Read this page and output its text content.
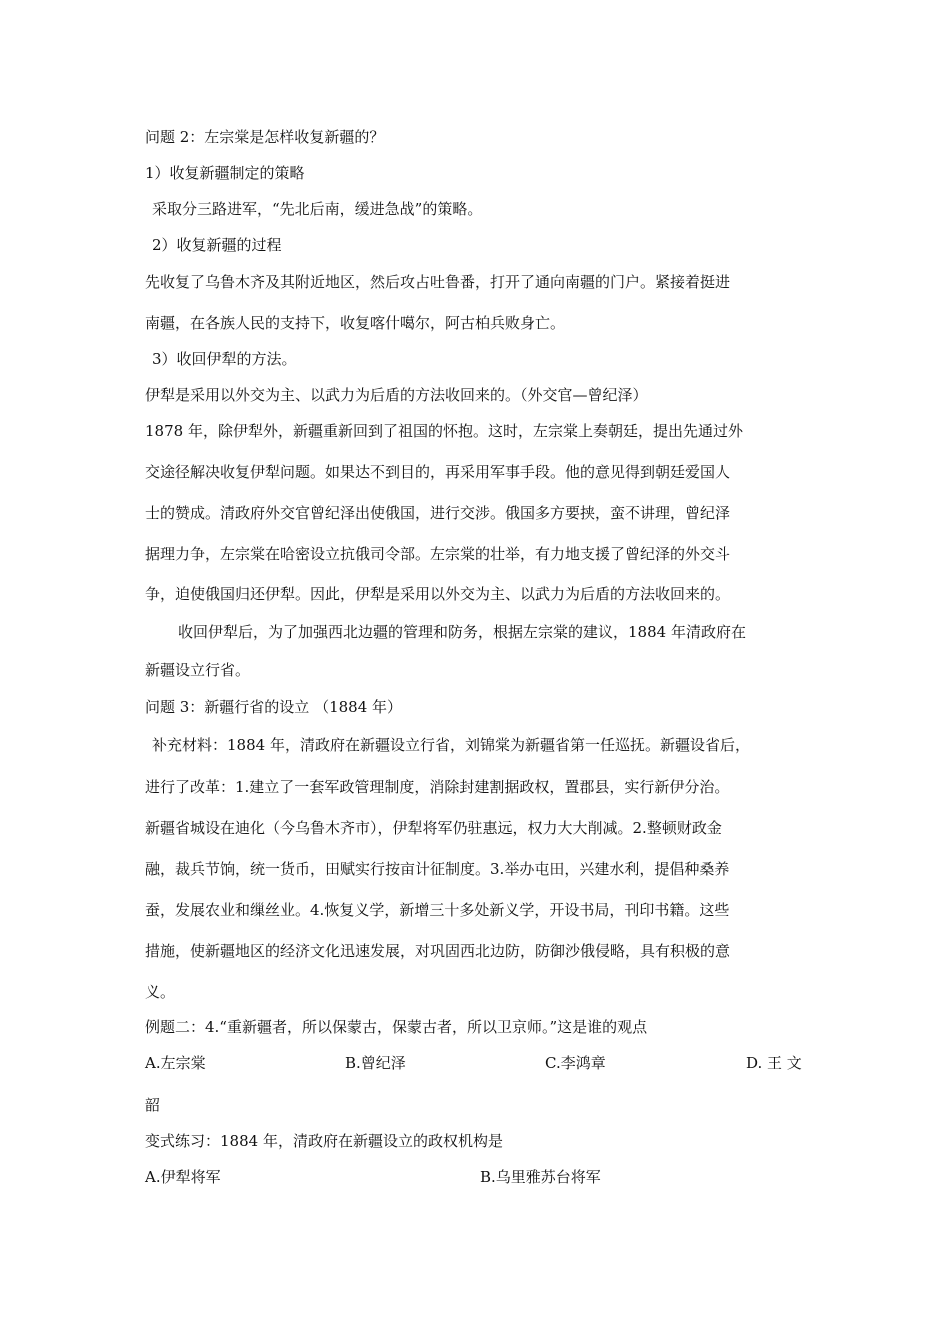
问题 2：左宗棠是怎样收复新疆的？
1）收复新疆制定的策略
采取分三路进军，“先北后南，缓进急战”的策略。
2）收复新疆的过程
先收复了乌鲁木齐及其附近地区，然后攻占吐鲁番，打开了通向南疆的门户。紧接着挺进
南疆，在各族人民的支持下，收复喀什噶尔，阿古柏兵败身亡。
3）收回伊犁的方法。
伊犁是采用以外交为主、以武力为后盾的方法收回来的。（外交官—曾纪泽）
1878 年，除伊犁外，新疆重新回到了祖国的怀抱。这时，左宗棠上奏朝廷，提出先通过外
交途径解决收复伊犁问题。如果达不到目的，再采用军事手段。他的意见得到朝廷爱国人
士的赞成。清政府外交官曾纪泽出使俄国，进行交涉。俄国多方要挟，蛮不讲理，曾纪泽
据理力争，左宗棠在哈密设立抗俄司令部。左宗棠的壮举，有力地支援了曾纪泽的外交斗
争，迫使俄国归还伊犁。因此，伊犁是采用以外交为主、以武力为后盾的方法收回来的。
收回伊犁后，为了加强西北边疆的管理和防务，根据左宗棠的建议，1884 年清政府在
新疆设立行省。
问题 3：新疆行省的设立 （1884 年）
补充材料：1884 年，清政府在新疆设立行省，刘锦棠为新疆省第一任巡抚。新疆设省后，
进行了改革：1.建立了一套军政管理制度，消除封建割据政权，置郡县，实行新伊分治。
新疆省城设在迪化（今乌鲁木齐市），伊犁将军仍驻惠远，权力大大削减。2.整顿财政金
融，裁兵节饷，统一货币，田赋实行按亩计征制度。3.举办屯田，兴建水利，提倡种桑养
蚕，发展农业和缫丝业。4.恢复义学，新增三十多处新义学，开设书局，刊印书籍。这些
措施，使新疆地区的经济文化迅速发展，对巩固西北边防，防御沙俄侵略，具有积极的意
义。
例题二：4.“重新疆者，所以保蒙古，保蒙古者，所以卫京师。”这是谁的观点
A.左宗棠	B.曾纪泽	C.李鸿章	D. 王 文
韶
变式练习：1884 年，清政府在新疆设立的政权机构是
A.伊犁将军	B.乌里雅苏台将军
